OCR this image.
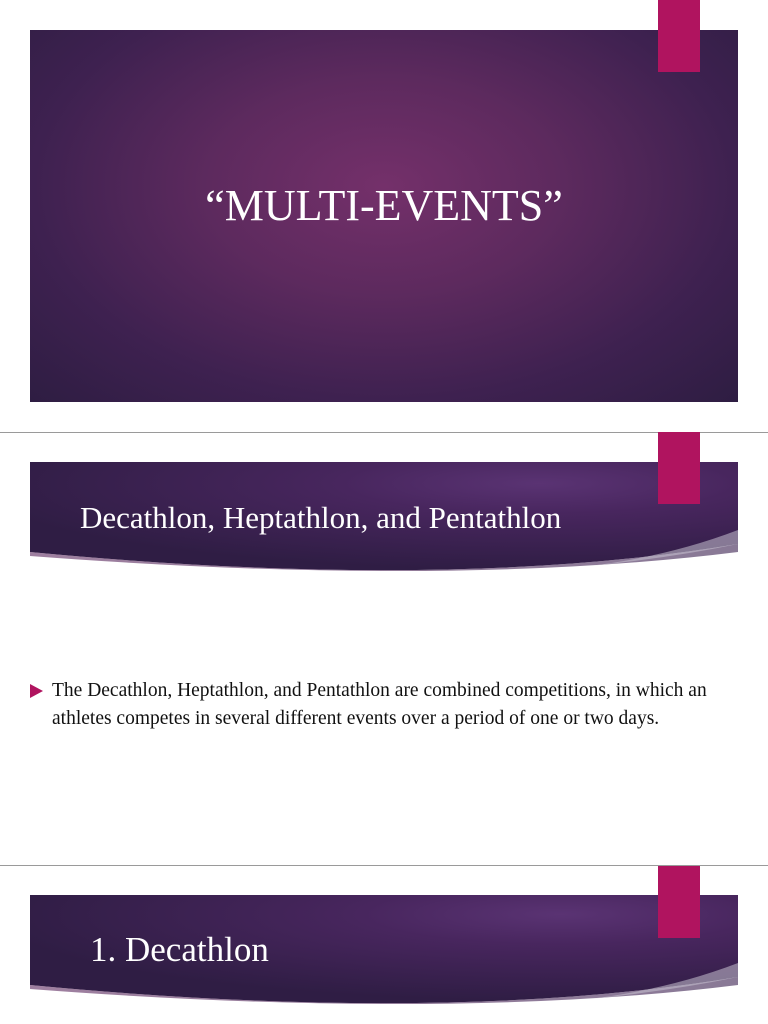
“MULTI-EVENTS”
Decathlon, Heptathlon, and Pentathlon
The Decathlon, Heptathlon, and Pentathlon are combined competitions, in which an athletes competes in several different events over a period of one or two days.
1. Decathlon
